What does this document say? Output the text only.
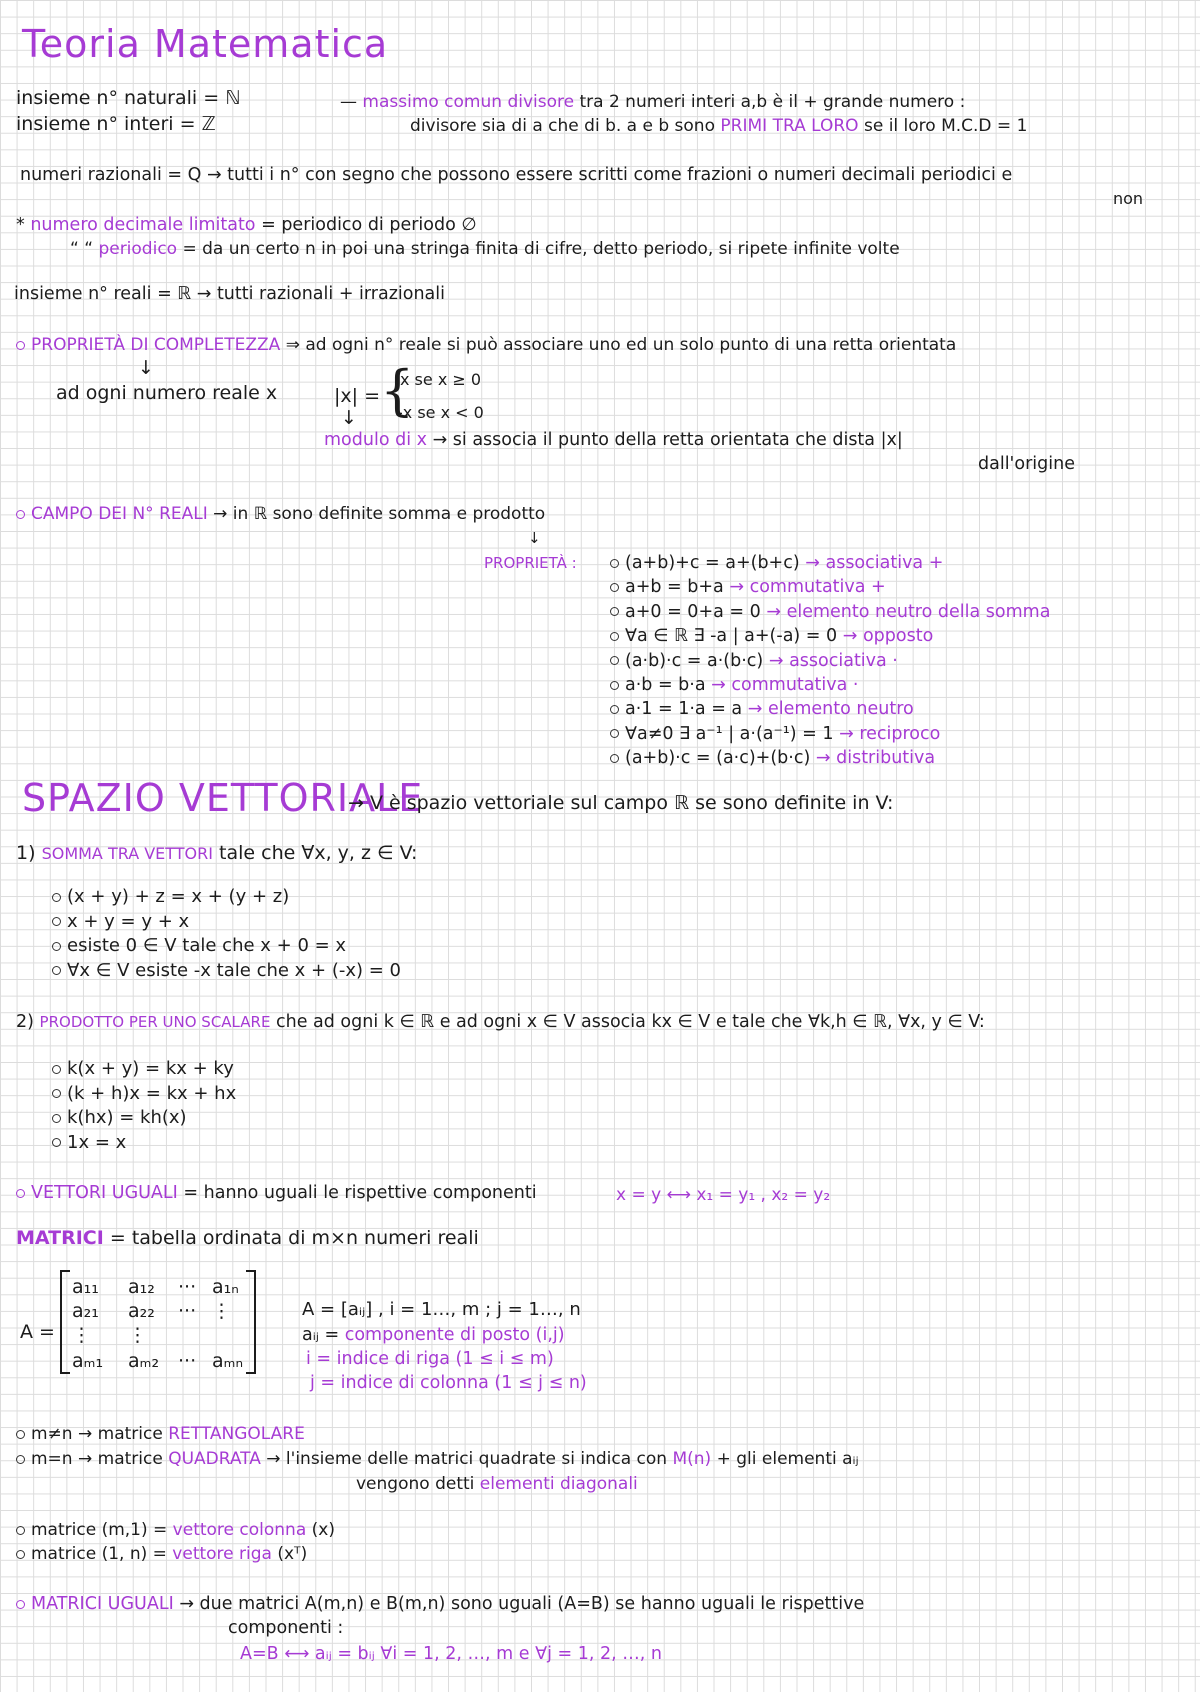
Teoria Matematica
insieme n° naturali = ℕ
insieme n° interi = ℤ
— massimo comun divisore tra 2 numeri interi a,b è il + grande numero :
divisore sia di a che di b. a e b sono PRIMI TRA LORO se il loro M.C.D = 1
numeri razionali = Q → tutti i n° con segno che possono essere scritti come frazioni o numeri decimali periodici e
non
* numero decimale limitato = periodico di periodo ∅
“ “ periodico = da un certo n in poi una stringa finita di cifre, detto periodo, si ripete infinite volte
insieme n° reali = ℝ → tutti razionali + irrazionali
PROPRIETÀ DI COMPLETEZZA ⇒ ad ogni n° reale si può associare uno ed un solo punto di una retta orientata
↓
ad ogni numero reale x	|x| = {
x se x ≥ 0
-x se x < 0
↓
modulo di x → si associa il punto della retta orientata che dista |x|
dall'origine
CAMPO DEI N° REALI → in ℝ sono definite somma e prodotto
↓
PROPRIETÀ :	(a+b)+c = a+(b+c) → associativa +
a+b = b+a → commutativa +
a+0 = 0+a = 0 → elemento neutro della somma
∀a ∈ ℝ ∃ -a | a+(-a) = 0 → opposto
(a·b)·c = a·(b·c) → associativa ·
a·b = b·a → commutativa ·
a·1 = 1·a = a → elemento neutro
∀a≠0 ∃ a⁻¹ | a·(a⁻¹) = 1 → reciproco
(a+b)·c = (a·c)+(b·c) → distributiva
SPAZIO VETTORIALE
→ V è spazio vettoriale sul campo ℝ se sono definite in V:
1) SOMMA TRA VETTORI tale che ∀x, y, z ∈ V:
(x + y) + z = x + (y + z)
x + y = y + x
esiste 0 ∈ V tale che x + 0 = x
∀x ∈ V esiste -x tale che x + (-x) = 0
2) PRODOTTO PER UNO SCALARE che ad ogni k ∈ ℝ e ad ogni x ∈ V associa kx ∈ V e tale che ∀k,h ∈ ℝ, ∀x, y ∈ V:
k(x + y) = kx + ky
(k + h)x = kx + hx
k(hx) = kh(x)
1x = x
VETTORI UGUALI = hanno uguali le rispettive componenti	x = y ⟷ x₁ = y₁ , x₂ = y₂
MATRICI = tabella ordinata di m×n numeri reali
A =
a₁₁ a₁₂ ··· a₁ₙ
a₂₁ a₂₂ ··· ⋮
⋮ ⋮
aₘ₁ aₘ₂ ··· aₘₙ
A = [aᵢⱼ] , i = 1…, m ; j = 1…, n
aᵢⱼ = componente di posto (i,j)
i = indice di riga (1 ≤ i ≤ m)
j = indice di colonna (1 ≤ j ≤ n)
m≠n → matrice RETTANGOLARE
m=n → matrice QUADRATA → l'insieme delle matrici quadrate si indica con M(n) + gli elementi aᵢⱼ
vengono detti elementi diagonali
matrice (m,1) = vettore colonna (x)
matrice (1, n) = vettore riga (xᵀ)
MATRICI UGUALI → due matrici A(m,n) e B(m,n) sono uguali (A=B) se hanno uguali le rispettive
componenti :
A=B ⟷ aᵢⱼ = bᵢⱼ ∀i = 1, 2, …, m e ∀j = 1, 2, …, n
